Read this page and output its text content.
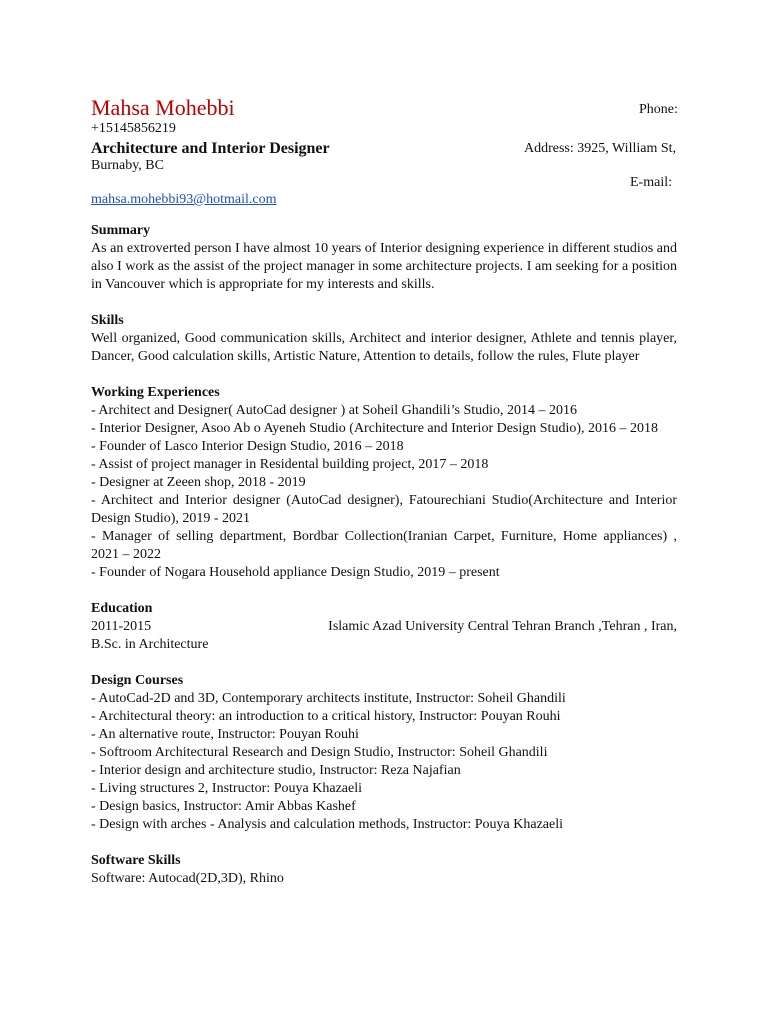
Mahsa Mohebbi	Phone:
+15145856219
Architecture and Interior Designer	Address: 3925, William St,
Burnaby, BC
E-mail:
mahsa.mohebbi93@hotmail.com

Summary

As an extroverted person I have almost 10 years of Interior designing experience in different studios and also I work as the assist of the project manager in some architecture projects. I am seeking for a position in Vancouver which is appropriate for my interests and skills.

Skills

Well organized, Good communication skills, Architect and interior designer, Athlete and tennis player, Dancer, Good calculation skills, Artistic Nature, Attention to details, follow the rules, Flute player

Working Experiences

- Architect and Designer( AutoCad designer ) at Soheil Ghandili’s Studio, 2014 – 2016
- Interior Designer, Asoo Ab o Ayeneh Studio (Architecture and Interior Design Studio), 2016 – 2018
- Founder of Lasco Interior Design Studio, 2016 – 2018
- Assist of project manager in Residental building project, 2017 – 2018
- Designer at Zeeen shop, 2018 - 2019
- Architect and Interior designer (AutoCad designer), Fatourechiani Studio(Architecture and Interior Design Studio), 2019 - 2021
- Manager of selling department, Bordbar Collection(Iranian Carpet, Furniture, Home appliances) , 2021 – 2022
- Founder of Nogara Household appliance Design Studio, 2019 – present

Education

2011-2015	Islamic Azad University Central Tehran Branch ,Tehran , Iran,
B.Sc. in Architecture

Design Courses

- AutoCad-2D and 3D, Contemporary architects institute, Instructor: Soheil Ghandili
- Architectural theory: an introduction to a critical history, Instructor: Pouyan Rouhi
- An alternative route, Instructor: Pouyan Rouhi
- Softroom Architectural Research and Design Studio, Instructor: Soheil Ghandili
- Interior design and architecture studio, Instructor: Reza Najafian
- Living structures 2, Instructor: Pouya Khazaeli
- Design basics, Instructor: Amir Abbas Kashef
- Design with arches - Analysis and calculation methods, Instructor: Pouya Khazaeli

Software Skills

Software: Autocad(2D,3D), Rhino
